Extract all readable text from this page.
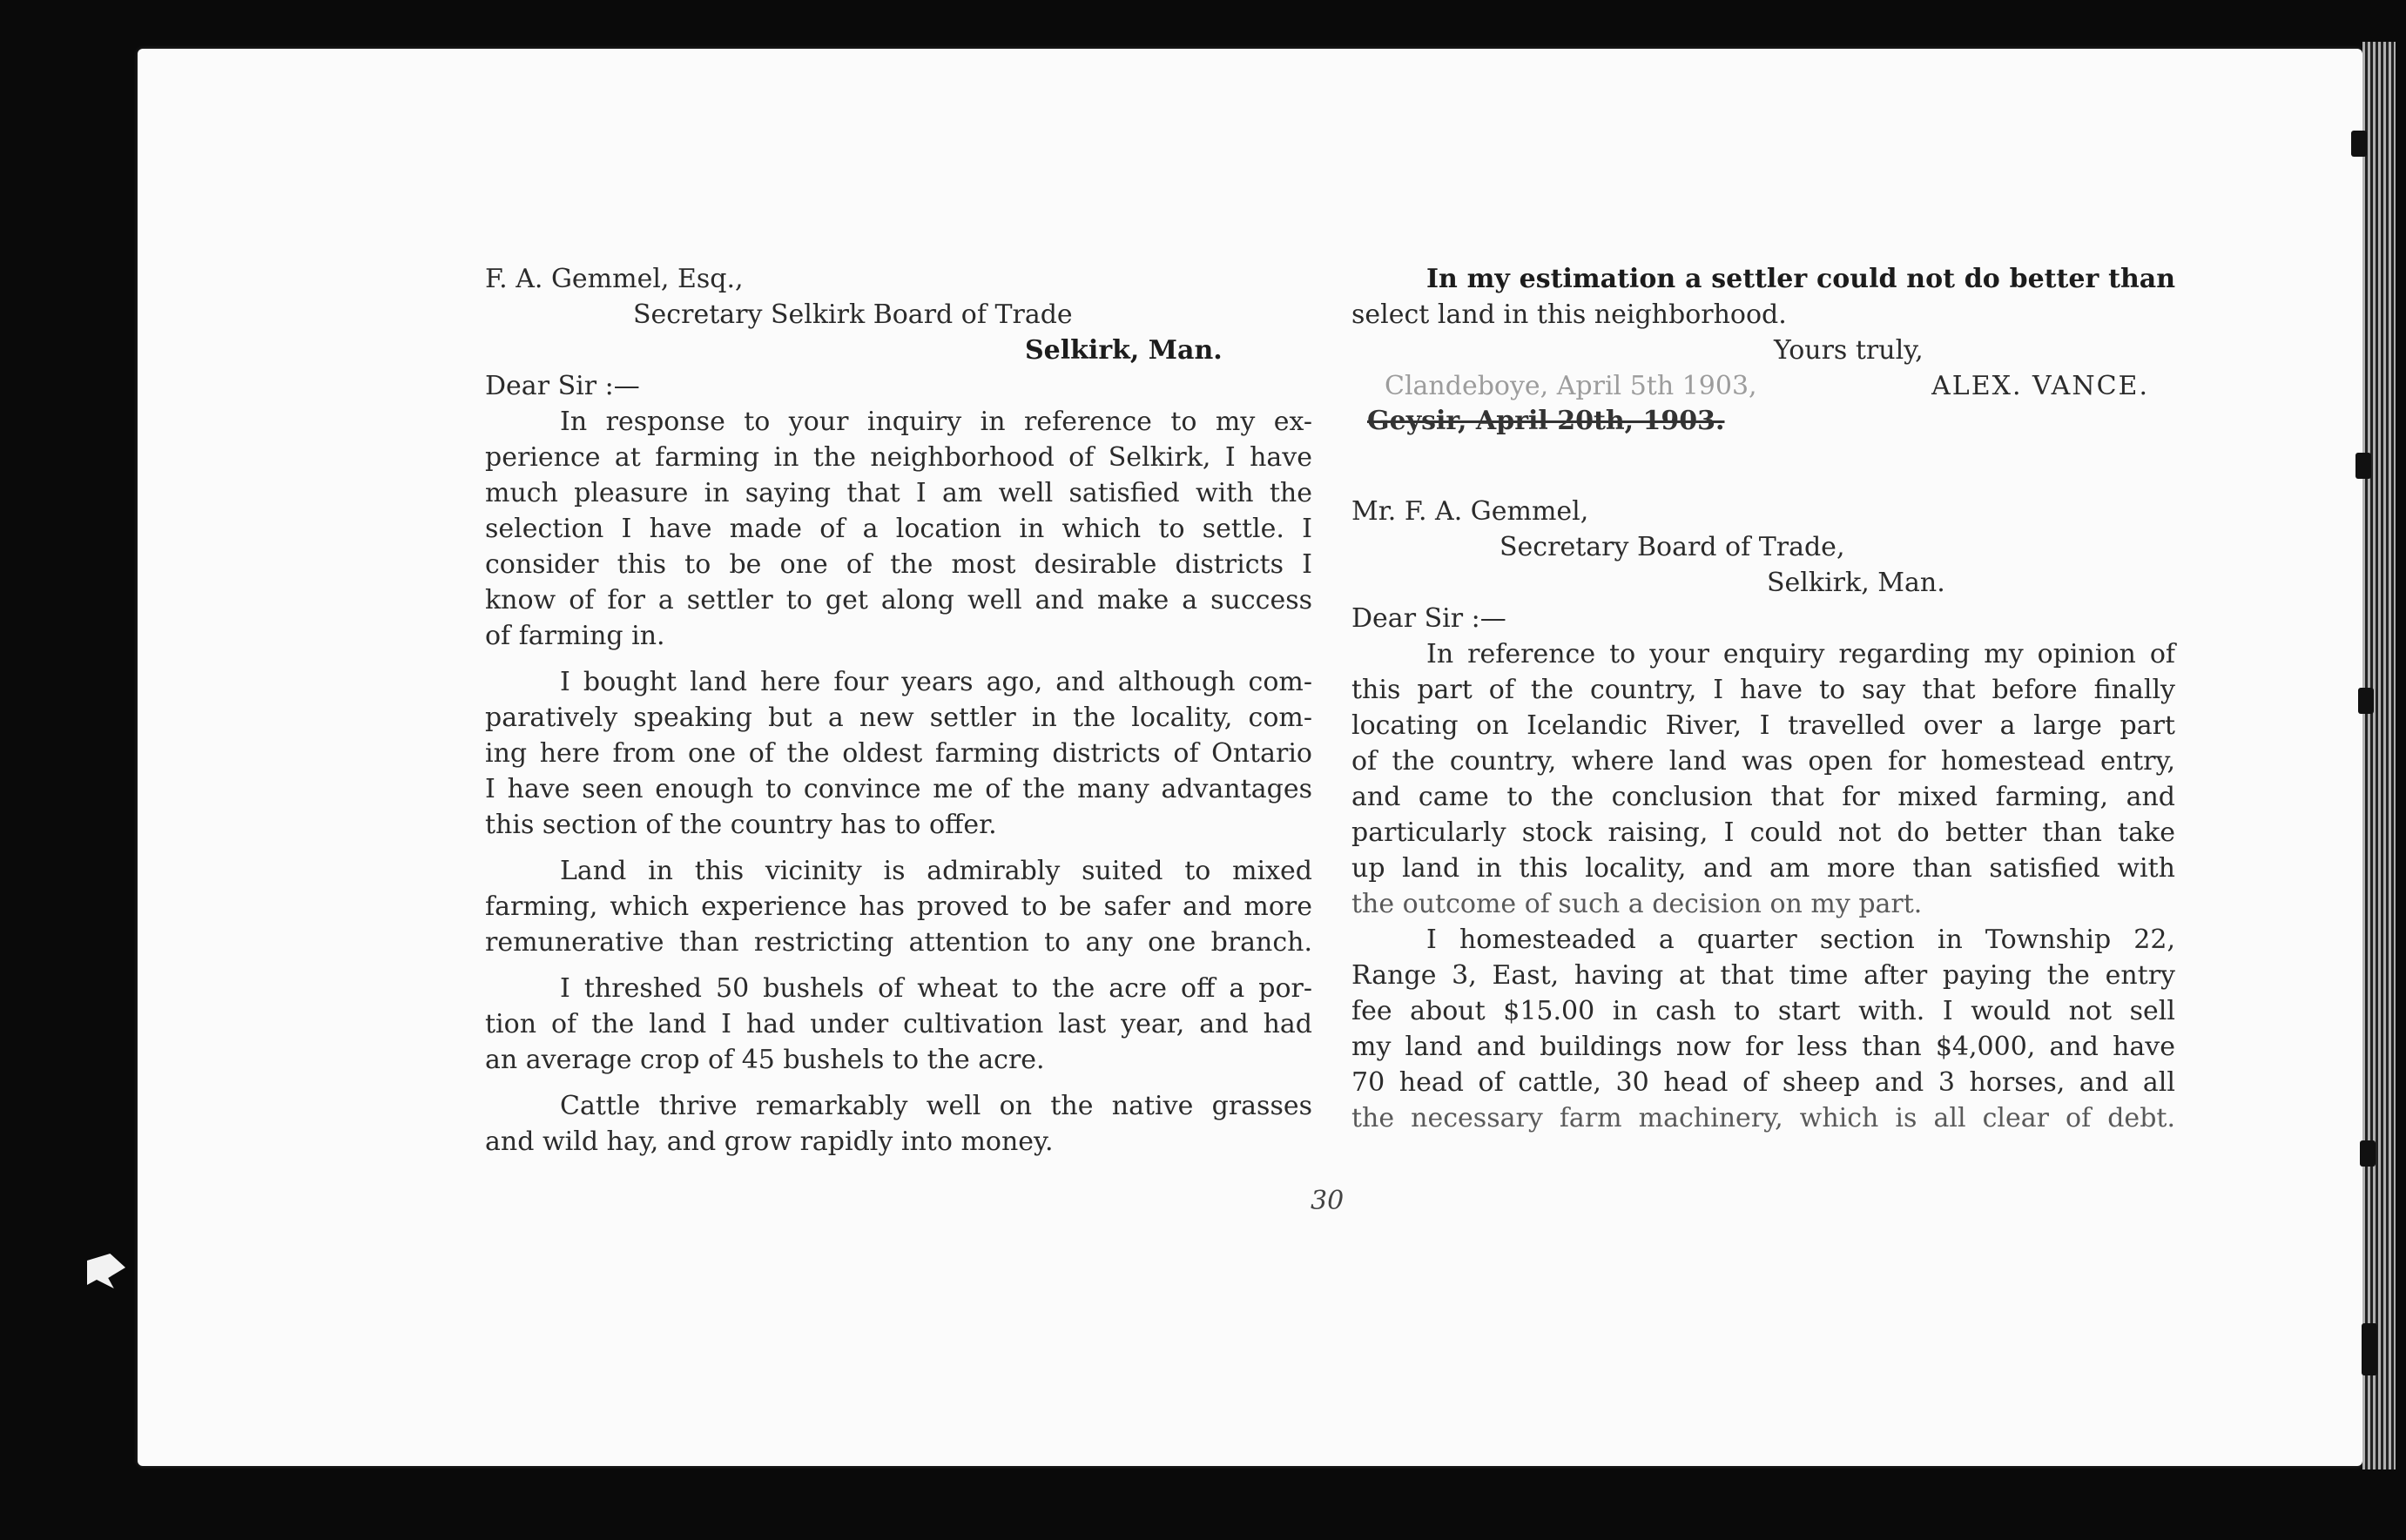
F. A. Gemmel, Esq.,
Secretary Selkirk Board of Trade
Selkirk, Man.
Dear Sir :—
In response to your inquiry in reference to my ex-
perience at farming in the neighborhood of Selkirk, I have
much pleasure in saying that I am well satisfied with the
selection I have made of a location in which to settle. I
consider this to be one of the most desirable districts I
know of for a settler to get along well and make a success
of farming in.
I bought land here four years ago, and although com-
paratively speaking but a new settler in the locality, com-
ing here from one of the oldest farming districts of Ontario
I have seen enough to convince me of the many advantages
this section of the country has to offer.
Land in this vicinity is admirably suited to mixed
farming, which experience has proved to be safer and more
remunerative than restricting attention to any one branch.
I threshed 50 bushels of wheat to the acre off a por-
tion of the land I had under cultivation last year, and had
an average crop of 45 bushels to the acre.
Cattle thrive remarkably well on the native grasses
and wild hay, and grow rapidly into money.
In my estimation a settler could not do better than
select land in this neighborhood.
Yours truly,
Clandeboye, April 5th 1903,
Geysir, April 20th, 1903.
ALEX. VANCE.
Mr. F. A. Gemmel,
Secretary Board of Trade,
Selkirk, Man.
Dear Sir :—
In reference to your enquiry regarding my opinion of
this part of the country, I have to say that before finally
locating on Icelandic River, I travelled over a large part
of the country, where land was open for homestead entry,
and came to the conclusion that for mixed farming, and
particularly stock raising, I could not do better than take
up land in this locality, and am more than satisfied with
the outcome of such a decision on my part.
I homesteaded a quarter section in Township 22,
Range 3, East, having at that time after paying the entry
fee about $15.00 in cash to start with. I would not sell
my land and buildings now for less than $4,000, and have
70 head of cattle, 30 head of sheep and 3 horses, and all
the necessary farm machinery, which is all clear of debt.
30
